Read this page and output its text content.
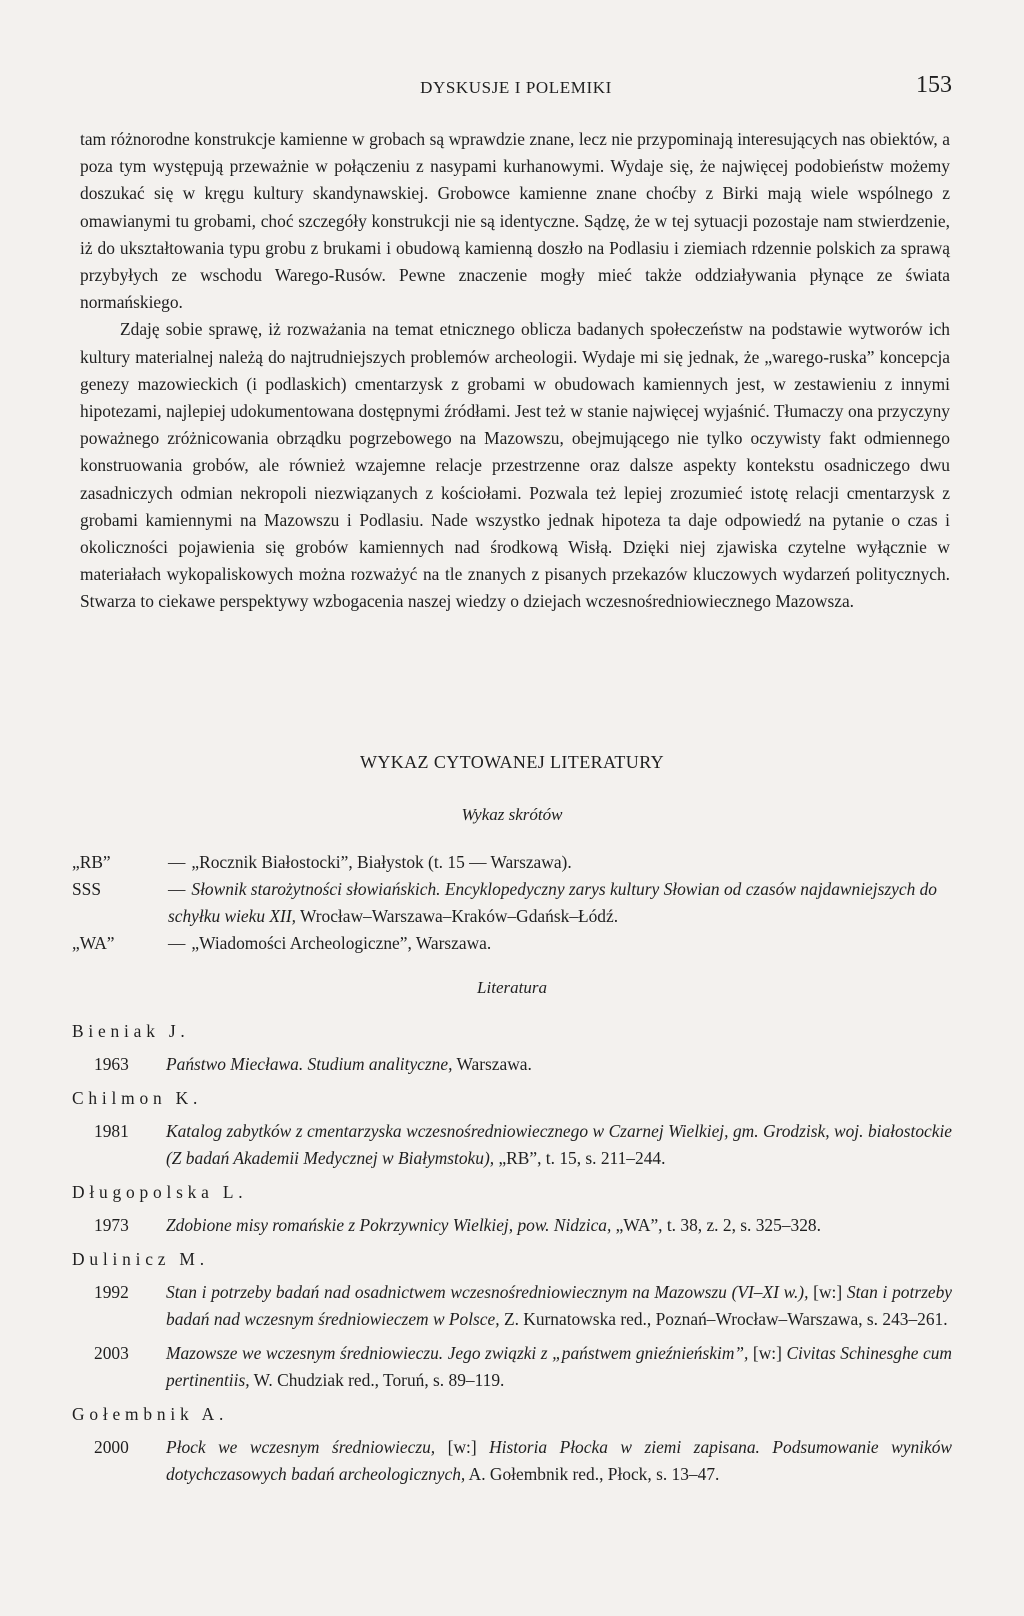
DYSKUSJE I POLEMIKI	153

tam różnorodne konstrukcje kamienne w grobach są wprawdzie znane, lecz nie przypominają interesujących nas obiektów, a poza tym występują przeważnie w połączeniu z nasypami kurhanowymi. Wydaje się, że najwięcej podobieństw możemy doszukać się w kręgu kultury skandynawskiej. Grobowce kamienne znane choćby z Birki mają wiele wspólnego z omawianymi tu grobami, choć szczegóły konstrukcji nie są identyczne. Sądzę, że w tej sytuacji pozostaje nam stwierdzenie, iż do ukształtowania typu grobu z brukami i obudową kamienną doszło na Podlasiu i ziemiach rdzennie polskich za sprawą przybyłych ze wschodu Warego-Rusów. Pewne znaczenie mogły mieć także oddziaływania płynące ze świata normańskiego.

Zdaję sobie sprawę, iż rozważania na temat etnicznego oblicza badanych społeczeństw na podstawie wytworów ich kultury materialnej należą do najtrudniejszych problemów archeologii. Wydaje mi się jednak, że „warego-ruska” koncepcja genezy mazowieckich (i podlaskich) cmentarzysk z grobami w obudowach kamiennych jest, w zestawieniu z innymi hipotezami, najlepiej udokumentowana dostępnymi źródłami. Jest też w stanie najwięcej wyjaśnić. Tłumaczy ona przyczyny poważnego zróżnicowania obrządku pogrzebowego na Mazowszu, obejmującego nie tylko oczywisty fakt odmiennego konstruowania grobów, ale również wzajemne relacje przestrzenne oraz dalsze aspekty kontekstu osadniczego dwu zasadniczych odmian nekropoli niezwiązanych z kościołami. Pozwala też lepiej zrozumieć istotę relacji cmentarzysk z grobami kamiennymi na Mazowszu i Podlasiu. Nade wszystko jednak hipoteza ta daje odpowiedź na pytanie o czas i okoliczności pojawienia się grobów kamiennych nad środkową Wisłą. Dzięki niej zjawiska czytelne wyłącznie w materiałach wykopaliskowych można rozważyć na tle znanych z pisanych przekazów kluczowych wydarzeń politycznych. Stwarza to ciekawe perspektywy wzbogacenia naszej wiedzy o dziejach wczesnośredniowiecznego Mazowsza.

WYKAZ CYTOWANEJ LITERATURY
Wykaz skrótów
„RB”	— „Rocznik Białostocki”, Białystok (t. 15 — Warszawa).
SSS	— Słownik starożytności słowiańskich. Encyklopedyczny zarys kultury Słowian od czasów najdawniejszych do schyłku wieku XII, Wrocław–Warszawa–Kraków–Gdańsk–Łódź.
„WA”	— „Wiadomości Archeologiczne”, Warszawa.
Literatura
Bieniak J.
1963	Państwo Miecława. Studium analityczne, Warszawa.
Chilmon K.
1981	Katalog zabytków z cmentarzyska wczesnośredniowiecznego w Czarnej Wielkiej, gm. Grodzisk, woj. białostockie (Z badań Akademii Medycznej w Białymstoku), „RB”, t. 15, s. 211–244.
Długopolska L.
1973	Zdobione misy romańskie z Pokrzywnicy Wielkiej, pow. Nidzica, „WA”, t. 38, z. 2, s. 325–328.
Dulinicz M.
1992	Stan i potrzeby badań nad osadnictwem wczesnośredniowiecznym na Mazowszu (VI–XI w.), [w:] Stan i potrzeby badań nad wczesnym średniowieczem w Polsce, Z. Kurnatowska red., Poznań–Wrocław–Warszawa, s. 243–261.
2003	Mazowsze we wczesnym średniowieczu. Jego związki z „państwem gnieźnieńskim”, [w:] Civitas Schinesghe cum pertinentiis, W. Chudziak red., Toruń, s. 89–119.
Gołembnik A.
2000	Płock we wczesnym średniowieczu, [w:] Historia Płocka w ziemi zapisana. Podsumowanie wyników dotychczasowych badań archeologicznych, A. Gołembnik red., Płock, s. 13–47.
